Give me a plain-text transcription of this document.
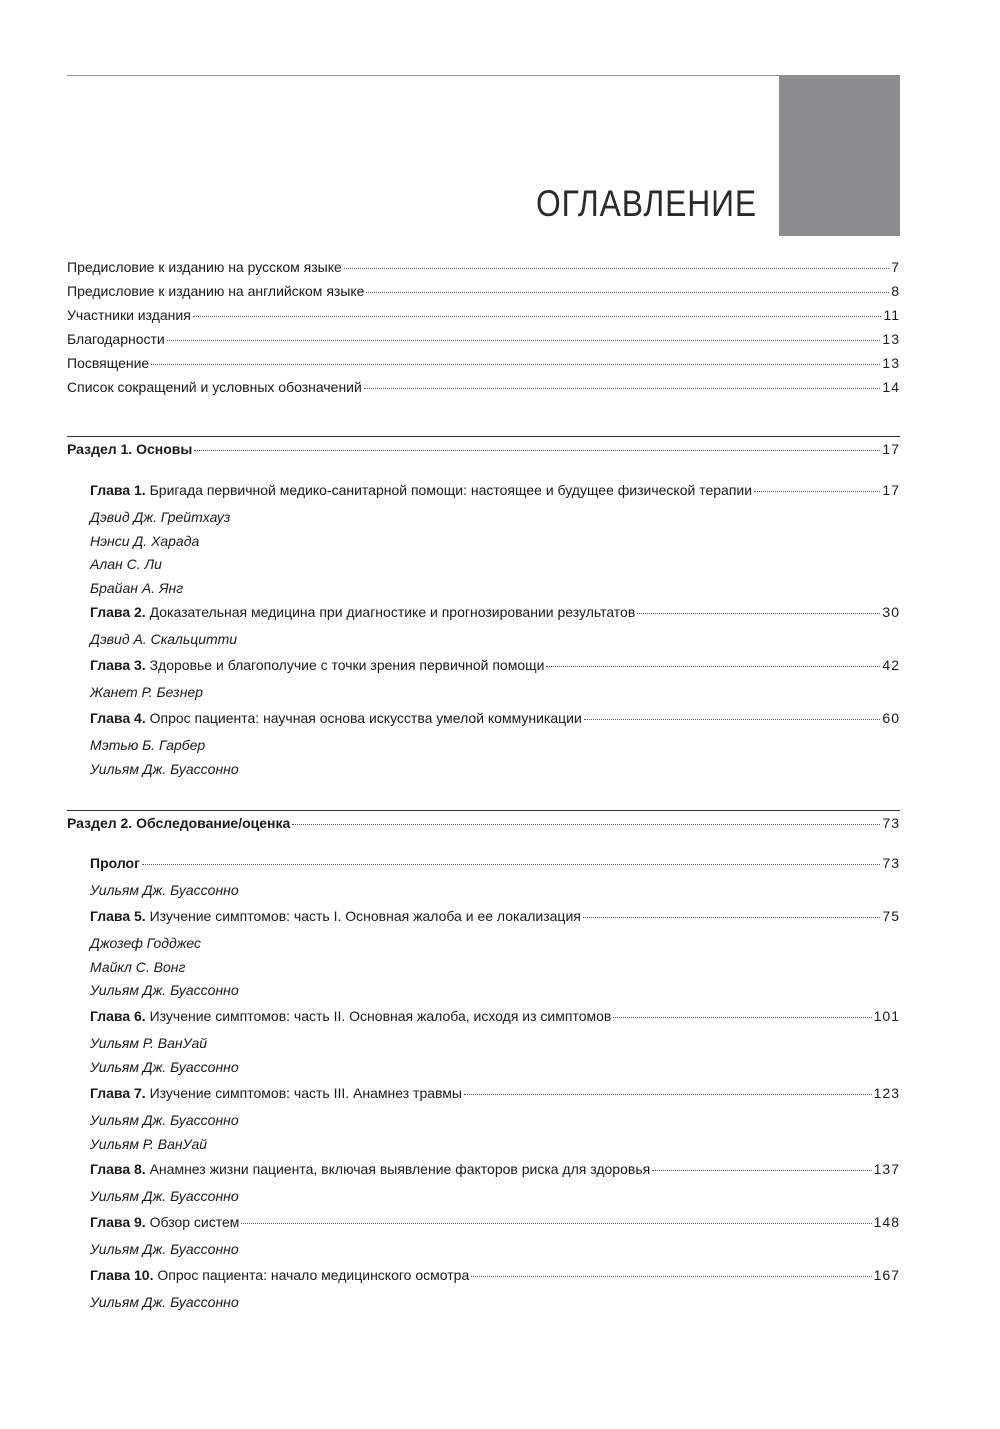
ОГЛАВЛЕНИЕ
Предисловие к изданию на русском языке	7
Предисловие к изданию на английском языке	8
Участники издания	11
Благодарности	13
Посвящение	13
Список сокращений и условных обозначений	14
Раздел 1. Основы	17
Глава 1. Бригада первичной медико-санитарной помощи: настоящее и будущее физической терапии	17
Дэвид Дж. Грейтхауз
Нэнси Д. Харада
Алан С. Ли
Брайан А. Янг
Глава 2. Доказательная медицина при диагностике и прогнозировании результатов	30
Дэвид А. Скальцитти
Глава 3. Здоровье и благополучие с точки зрения первичной помощи	42
Жанет Р. Безнер
Глава 4. Опрос пациента: научная основа искусства умелой коммуникации	60
Мэтью Б. Гарбер
Уильям Дж. Буассонно
Раздел 2. Обследование/оценка	73
Пролог	73
Уильям Дж. Буассонно
Глава 5. Изучение симптомов: часть I. Основная жалоба и ее локализация	75
Джозеф Годджес
Майкл С. Вонг
Уильям Дж. Буассонно
Глава 6. Изучение симптомов: часть II. Основная жалоба, исходя из симптомов	101
Уильям Р. ВанУай
Уильям Дж. Буассонно
Глава 7. Изучение симптомов: часть III. Анамнез травмы	123
Уильям Дж. Буассонно
Уильям Р. ВанУай
Глава 8. Анамнез жизни пациента, включая выявление факторов риска для здоровья	137
Уильям Дж. Буассонно
Глава 9. Обзор систем	148
Уильям Дж. Буассонно
Глава 10. Опрос пациента: начало медицинского осмотра	167
Уильям Дж. Буассонно
